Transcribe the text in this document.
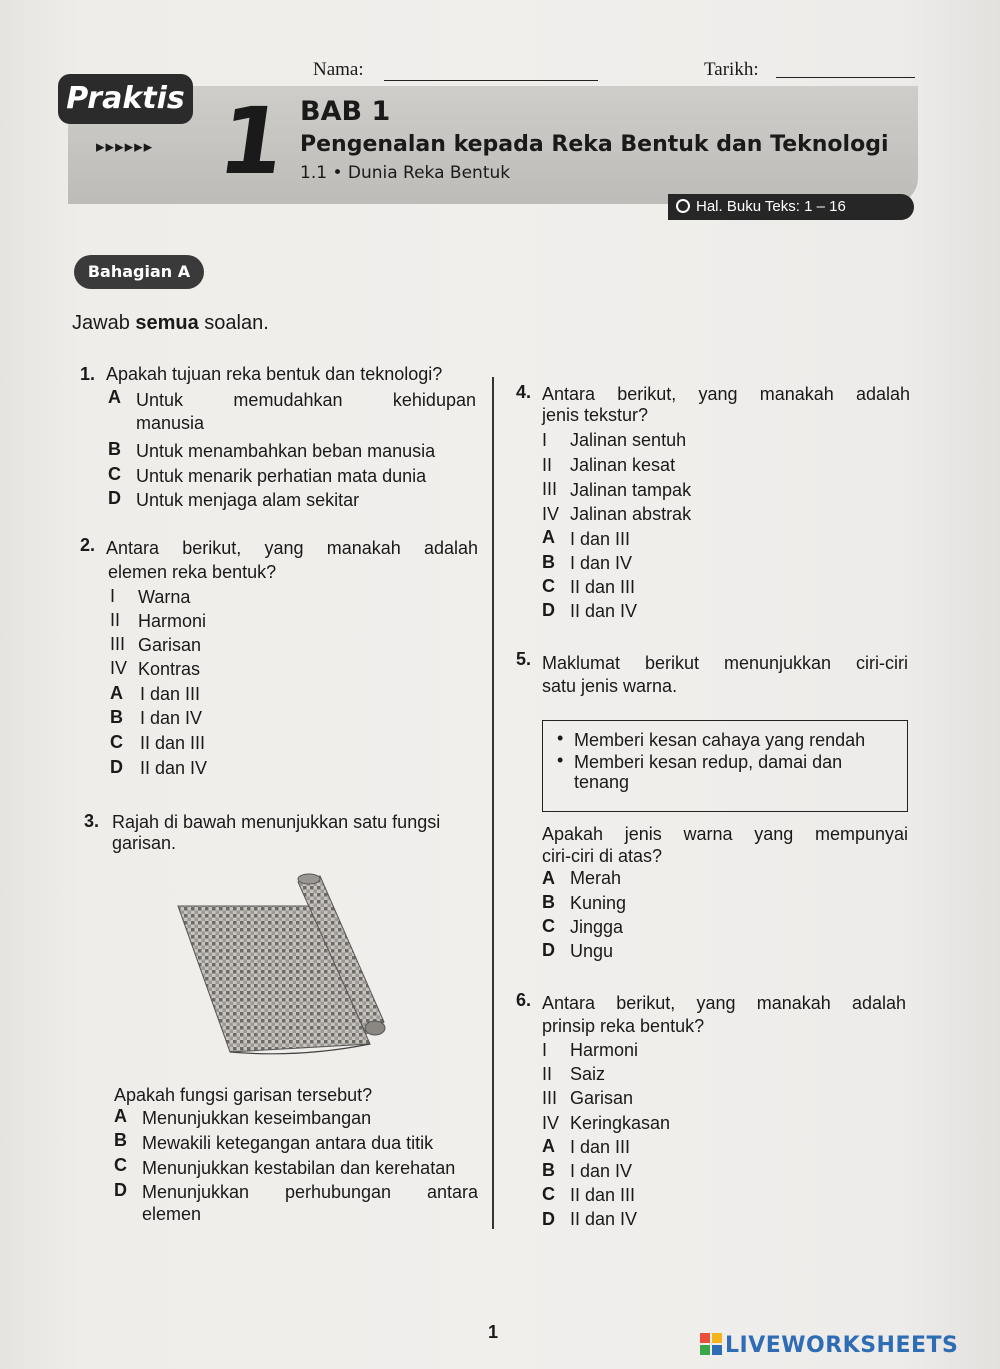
Nama:	Tarikh:
Praktis
▸▸▸▸▸▸ 1 BAB 1
Pengenalan kepada Reka Bentuk dan Teknologi
1.1 • Dunia Reka Bentuk
Hal. Buku Teks: 1 – 16
Bahagian A
Jawab semua soalan.
1. Apakah tujuan reka bentuk dan teknologi?
A Untuk memudahkan kehidupan
manusia
B Untuk menambahkan beban manusia
C Untuk menarik perhatian mata dunia
D Untuk menjaga alam sekitar
2. Antara berikut, yang manakah adalah
elemen reka bentuk?
I Warna
II Harmoni
III Garisan
IV Kontras
A I dan III
B I dan IV
C II dan III
D II dan IV
3. Rajah di bawah menunjukkan satu fungsi
garisan.
Apakah fungsi garisan tersebut?
A Menunjukkan keseimbangan
B Mewakili ketegangan antara dua titik
C Menunjukkan kestabilan dan kerehatan
D Menunjukkan perhubungan antara
elemen
4. Antara berikut, yang manakah adalah
jenis tekstur?
I Jalinan sentuh
II Jalinan kesat
III Jalinan tampak
IV Jalinan abstrak
A I dan III
B I dan IV
C II dan III
D II dan IV
5. Maklumat berikut menunjukkan ciri-ciri
satu jenis warna.
• Memberi kesan cahaya yang rendah
• Memberi kesan redup, damai dan
tenang
Apakah jenis warna yang mempunyai
ciri-ciri di atas?
A Merah
B Kuning
C Jingga
D Ungu
6. Antara berikut, yang manakah adalah
prinsip reka bentuk?
I Harmoni
II Saiz
III Garisan
IV Keringkasan
A I dan III
B I dan IV
C II dan III
D II dan IV
1
LIVEWORKSHEETS
